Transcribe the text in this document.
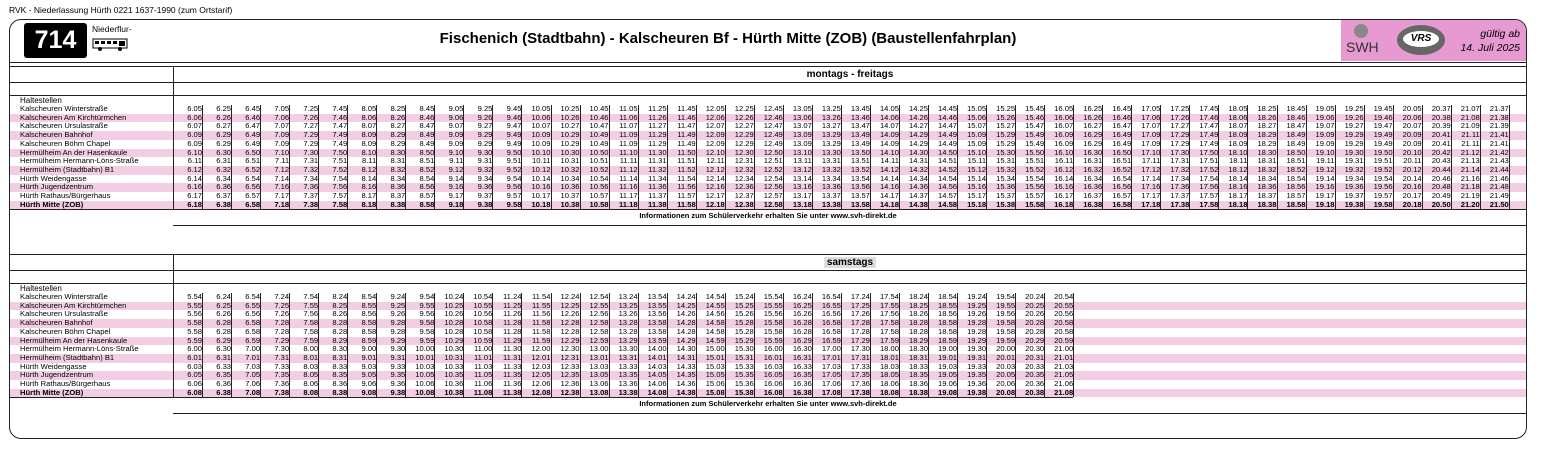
RVK - Niederlassung Hürth 0221 1637-1990 (zum Ortstarif)
714	Niederflur-
Fischenich (Stadtbahn) - Kalscheuren Bf - Hürth Mitte (ZOB) (Baustellenfahrplan)	SWH
VRS	gültig ab
14. Juli 2025
montags - freitags
Haltestellen
Kalscheuren Winterstraße	6.05	6.25	6.45	7.05	7.25	7.45	8.05	8.25	8.45	9.05	9.25	9.45	10.05	10.25	10.45	11.05	11.25	11.45	12.05	12.25	12.45	13.05	13.25	13.45	14.05	14.25	14.45	15.05	15.25	15.45	16.05	16.25	16.45	17.05	17.25	17.45	18.05	18.25	18.45	19.05	19.25	19.45	20.05	20.37	21.07	21.37
Kalscheuren Am Kirchtürmchen	6.06	6.26	6.46	7.06	7.26	7.46	8.06	8.26	8.46	9.06	9.26	9.46	10.06	10.26	10.46	11.06	11.26	11.46	12.06	12.26	12.46	13.06	13.26	13.46	14.06	14.26	14.46	15.06	15.26	15.46	16.06	16.26	16.46	17.06	17.26	17.46	18.06	18.26	18.46	19.06	19.26	19.46	20.06	20.38	21.08	21.38
Kalscheuren Ursulastraße	6.07	6.27	6.47	7.07	7.27	7.47	8.07	8.27	8.47	9.07	9.27	9.47	10.07	10.27	10.47	11.07	11.27	11.47	12.07	12.27	12.47	13.07	13.27	13.47	14.07	14.27	14.47	15.07	15.27	15.47	16.07	16.27	16.47	17.07	17.27	17.47	18.07	18.27	18.47	19.07	19.27	19.47	20.07	20.39	21.09	21.39
Kalscheuren Bahnhof	6.09	6.29	6.49	7.09	7.29	7.49	8.09	8.29	8.49	9.09	9.29	9.49	10.09	10.29	10.49	11.09	11.29	11.49	12.09	12.29	12.49	13.09	13.29	13.49	14.09	14.29	14.49	15.09	15.29	15.49	16.09	16.29	16.49	17.09	17.29	17.49	18.09	18.29	18.49	19.09	19.29	19.49	20.09	20.41	21.11	21.41
Kalscheuren Böhm Chapel	6.09	6.29	6.49	7.09	7.29	7.49	8.09	8.29	8.49	9.09	9.29	9.49	10.09	10.29	10.49	11.09	11.29	11.49	12.09	12.29	12.49	13.09	13.29	13.49	14.09	14.29	14.49	15.09	15.29	15.49	16.09	16.29	16.49	17.09	17.29	17.49	18.09	18.29	18.49	19.09	19.29	19.49	20.09	20.41	21.11	21.41
Hermülheim An der Hasenkaule	6.10	6.30	6.50	7.10	7.30	7.50	8.10	8.30	8.50	9.10	9.30	9.50	10.10	10.30	10.50	11.10	11.30	11.50	12.10	12.30	12.50	13.10	13.30	13.50	14.10	14.30	14.50	15.10	15.30	15.50	16.10	16.30	16.50	17.10	17.30	17.50	18.10	18.30	18.50	19.10	19.30	19.50	20.10	20.42	21.12	21.42
Hermülheim Hermann-Löns-Straße	6.11	6.31	6.51	7.11	7.31	7.51	8.11	8.31	8.51	9.11	9.31	9.51	10.11	10.31	10.51	11.11	11.31	11.51	12.11	12.31	12.51	13.11	13.31	13.51	14.11	14.31	14.51	15.11	15.31	15.51	16.11	16.31	16.51	17.11	17.31	17.51	18.11	18.31	18.51	19.11	19.31	19.51	20.11	20.43	21.13	21.43
Hermülheim (Stadtbahn) B1	6.12	6.32	6.52	7.12	7.32	7.52	8.12	8.32	8.52	9.12	9.32	9.52	10.12	10.32	10.52	11.12	11.32	11.52	12.12	12.32	12.52	13.12	13.32	13.52	14.12	14.32	14.52	15.12	15.32	15.52	16.12	16.32	16.52	17.12	17.32	17.52	18.12	18.32	18.52	19.12	19.32	19.52	20.12	20.44	21.14	21.44
Hürth Weidengasse	6.14	6.34	6.54	7.14	7.34	7.54	8.14	8.34	8.54	9.14	9.34	9.54	10.14	10.34	10.54	11.14	11.34	11.54	12.14	12.34	12.54	13.14	13.34	13.54	14.14	14.34	14.54	15.14	15.34	15.54	16.14	16.34	16.54	17.14	17.34	17.54	18.14	18.34	18.54	19.14	19.34	19.54	20.14	20.46	21.16	21.46
Hürth Jugendzentrum	6.16	6.36	6.56	7.16	7.36	7.56	8.16	8.36	8.56	9.16	9.36	9.56	10.16	10.36	10.56	11.16	11.36	11.56	12.16	12.36	12.56	13.16	13.36	13.56	14.16	14.36	14.56	15.16	15.36	15.56	16.16	16.36	16.56	17.16	17.36	17.56	18.16	18.36	18.56	19.16	19.36	19.56	20.16	20.48	21.18	21.48
Hürth Rathaus/Bürgerhaus	6.17	6.37	6.57	7.17	7.37	7.57	8.17	8.37	8.57	9.17	9.37	9.57	10.17	10.37	10.57	11.17	11.37	11.57	12.17	12.37	12.57	13.17	13.37	13.57	14.17	14.37	14.57	15.17	15.37	15.57	16.17	16.37	16.57	17.17	17.37	17.57	18.17	18.37	18.57	19.17	19.37	19.57	20.17	20.49	21.19	21.49
Hürth Mitte (ZOB)	6.18	6.38	6.58	7.18	7.38	7.58	8.18	8.38	8.58	9.18	9.38	9.58	10.18	10.38	10.58	11.18	11.38	11.58	12.18	12.38	12.58	13.18	13.38	13.58	14.18	14.38	14.58	15.18	15.38	15.58	16.18	16.38	16.58	17.18	17.38	17.58	18.18	18.38	18.58	19.18	19.38	19.58	20.18	20.50	21.20	21.50
Informationen zum Schülerverkehr erhalten Sie unter www.svh-direkt.de
samstags
Haltestellen
Kalscheuren Winterstraße	5.54	6.24	6.54	7.24	7.54	8.24	8.54	9.24	9.54	10.24	10.54	11.24	11.54	12.24	12.54	13.24	13.54	14.24	14.54	15.24	15.54	16.24	16.54	17.24	17.54	18.24	18.54	19.24	19.54	20.24	20.54
Kalscheuren Am Kirchtürmchen	5.55	6.25	6.55	7.25	7.55	8.25	8.55	9.25	9.55	10.25	10.55	11.25	11.55	12.25	12.55	13.25	13.55	14.25	14.55	15.25	15.55	16.25	16.55	17.25	17.55	18.25	18.55	19.25	19.55	20.25	20.55
Kalscheuren Ursulastraße	5.56	6.26	6.56	7.26	7.56	8.26	8.56	9.26	9.56	10.26	10.56	11.26	11.56	12.26	12.56	13.26	13.56	14.26	14.56	15.26	15.56	16.26	16.56	17.26	17.56	18.26	18.56	19.26	19.56	20.26	20.56
Kalscheuren Bahnhof	5.58	6.28	6.58	7.28	7.58	8.28	8.58	9.28	9.58	10.28	10.58	11.28	11.58	12.28	12.58	13.28	13.58	14.28	14.58	15.28	15.58	16.28	16.58	17.28	17.58	18.28	18.58	19.28	19.58	20.28	20.58
Kalscheuren Böhm Chapel	5.58	6.28	6.58	7.28	7.58	8.28	8.58	9.28	9.58	10.28	10.58	11.28	11.58	12.28	12.58	13.28	13.58	14.28	14.58	15.28	15.58	16.28	16.58	17.28	17.58	18.28	18.58	19.28	19.58	20.28	20.58
Hermülheim An der Hasenkaule	5.59	6.29	6.59	7.29	7.59	8.29	8.59	9.29	9.59	10.29	10.59	11.29	11.59	12.29	12.59	13.29	13.59	14.29	14.59	15.29	15.59	16.29	16.59	17.29	17.59	18.29	18.59	19.29	19.59	20.29	20.59
Hermülheim Hermann-Löns-Straße	6.00	6.30	7.00	7.30	8.00	8.30	9.00	9.30	10.00	10.30	11.00	11.30	12.00	12.30	13.00	13.30	14.00	14.30	15.00	15.30	16.00	16.30	17.00	17.30	18.00	18.30	19.00	19.30	20.00	20.30	21.00
Hermülheim (Stadtbahn) B1	6.01	6.31	7.01	7.31	8.01	8.31	9.01	9.31	10.01	10.31	11.01	11.31	12.01	12.31	13.01	13.31	14.01	14.31	15.01	15.31	16.01	16.31	17.01	17.31	18.01	18.31	19.01	19.31	20.01	20.31	21.01
Hürth Weidengasse	6.03	6.33	7.03	7.33	8.03	8.33	9.03	9.33	10.03	10.33	11.03	11.33	12.03	12.33	13.03	13.33	14.03	14.33	15.03	15.33	16.03	16.33	17.03	17.33	18.03	18.33	19.03	19.33	20.03	20.33	21.03
Hürth Jugendzentrum	6.05	6.35	7.05	7.35	8.05	8.35	9.05	9.35	10.05	10.35	11.05	11.35	12.05	12.35	13.05	13.35	14.05	14.35	15.05	15.35	16.05	16.35	17.05	17.35	18.05	18.35	19.05	19.35	20.05	20.35	21.05
Hürth Rathaus/Bürgerhaus	6.06	6.36	7.06	7.36	8.06	8.36	9.06	9.36	10.06	10.36	11.06	11.36	12.06	12.36	13.06	13.36	14.06	14.36	15.06	15.36	16.06	16.36	17.06	17.36	18.06	18.36	19.06	19.36	20.06	20.36	21.06
Hürth Mitte (ZOB)	6.08	6.38	7.08	7.38	8.08	8.38	9.08	9.38	10.08	10.38	11.08	11.38	12.08	12.38	13.08	13.38	14.08	14.38	15.08	15.38	16.08	16.38	17.08	17.38	18.08	18.38	19.08	19.38	20.08	20.38	21.08
Informationen zum Schülerverkehr erhalten Sie unter www.svh-direkt.de
